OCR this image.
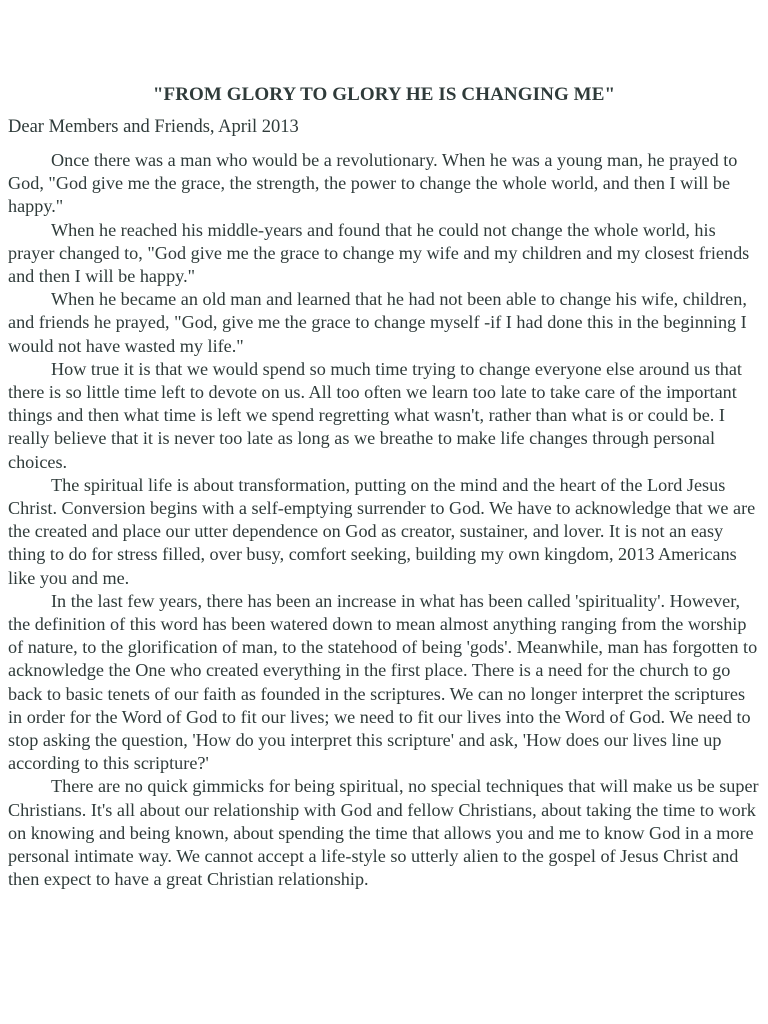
"FROM GLORY TO GLORY HE IS CHANGING ME"
Dear Members and Friends, April 2013

Once there was a man who would be a revolutionary. When he was a young man, he prayed to God, "God give me the grace, the strength, the power to change the whole world, and then I will be happy."

When he reached his middle-years and found that he could not change the whole world, his prayer changed to, "God give me the grace to change my wife and my children and my closest friends and then I will be happy."

When he became an old man and learned that he had not been able to change his wife, children, and friends he prayed, "God, give me the grace to change myself -if I had done this in the beginning I would not have wasted my life."

How true it is that we would spend so much time trying to change everyone else around us that there is so little time left to devote on us. All too often we learn too late to take care of the important things and then what time is left we spend regretting what wasn't, rather than what is or could be. I really believe that it is never too late as long as we breathe to make life changes through personal choices.

The spiritual life is about transformation, putting on the mind and the heart of the Lord Jesus Christ. Conversion begins with a self-emptying surrender to God. We have to acknowledge that we are the created and place our utter dependence on God as creator, sustainer, and lover. It is not an easy thing to do for stress filled, over busy, comfort seeking, building my own kingdom, 2013 Americans like you and me.

In the last few years, there has been an increase in what has been called 'spirituality'. However, the definition of this word has been watered down to mean almost anything ranging from the worship of nature, to the glorification of man, to the statehood of being 'gods'. Meanwhile, man has forgotten to acknowledge the One who created everything in the first place. There is a need for the church to go back to basic tenets of our faith as founded in the scriptures. We can no longer interpret the scriptures in order for the Word of God to fit our lives; we need to fit our lives into the Word of God. We need to stop asking the question, 'How do you interpret this scripture' and ask, 'How does our lives line up according to this scripture?'

There are no quick gimmicks for being spiritual, no special techniques that will make us be super Christians. It's all about our relationship with God and fellow Christians, about taking the time to work on knowing and being known, about spending the time that allows you and me to know God in a more personal intimate way. We cannot accept a life-style so utterly alien to the gospel of Jesus Christ and then expect to have a great Christian relationship.
